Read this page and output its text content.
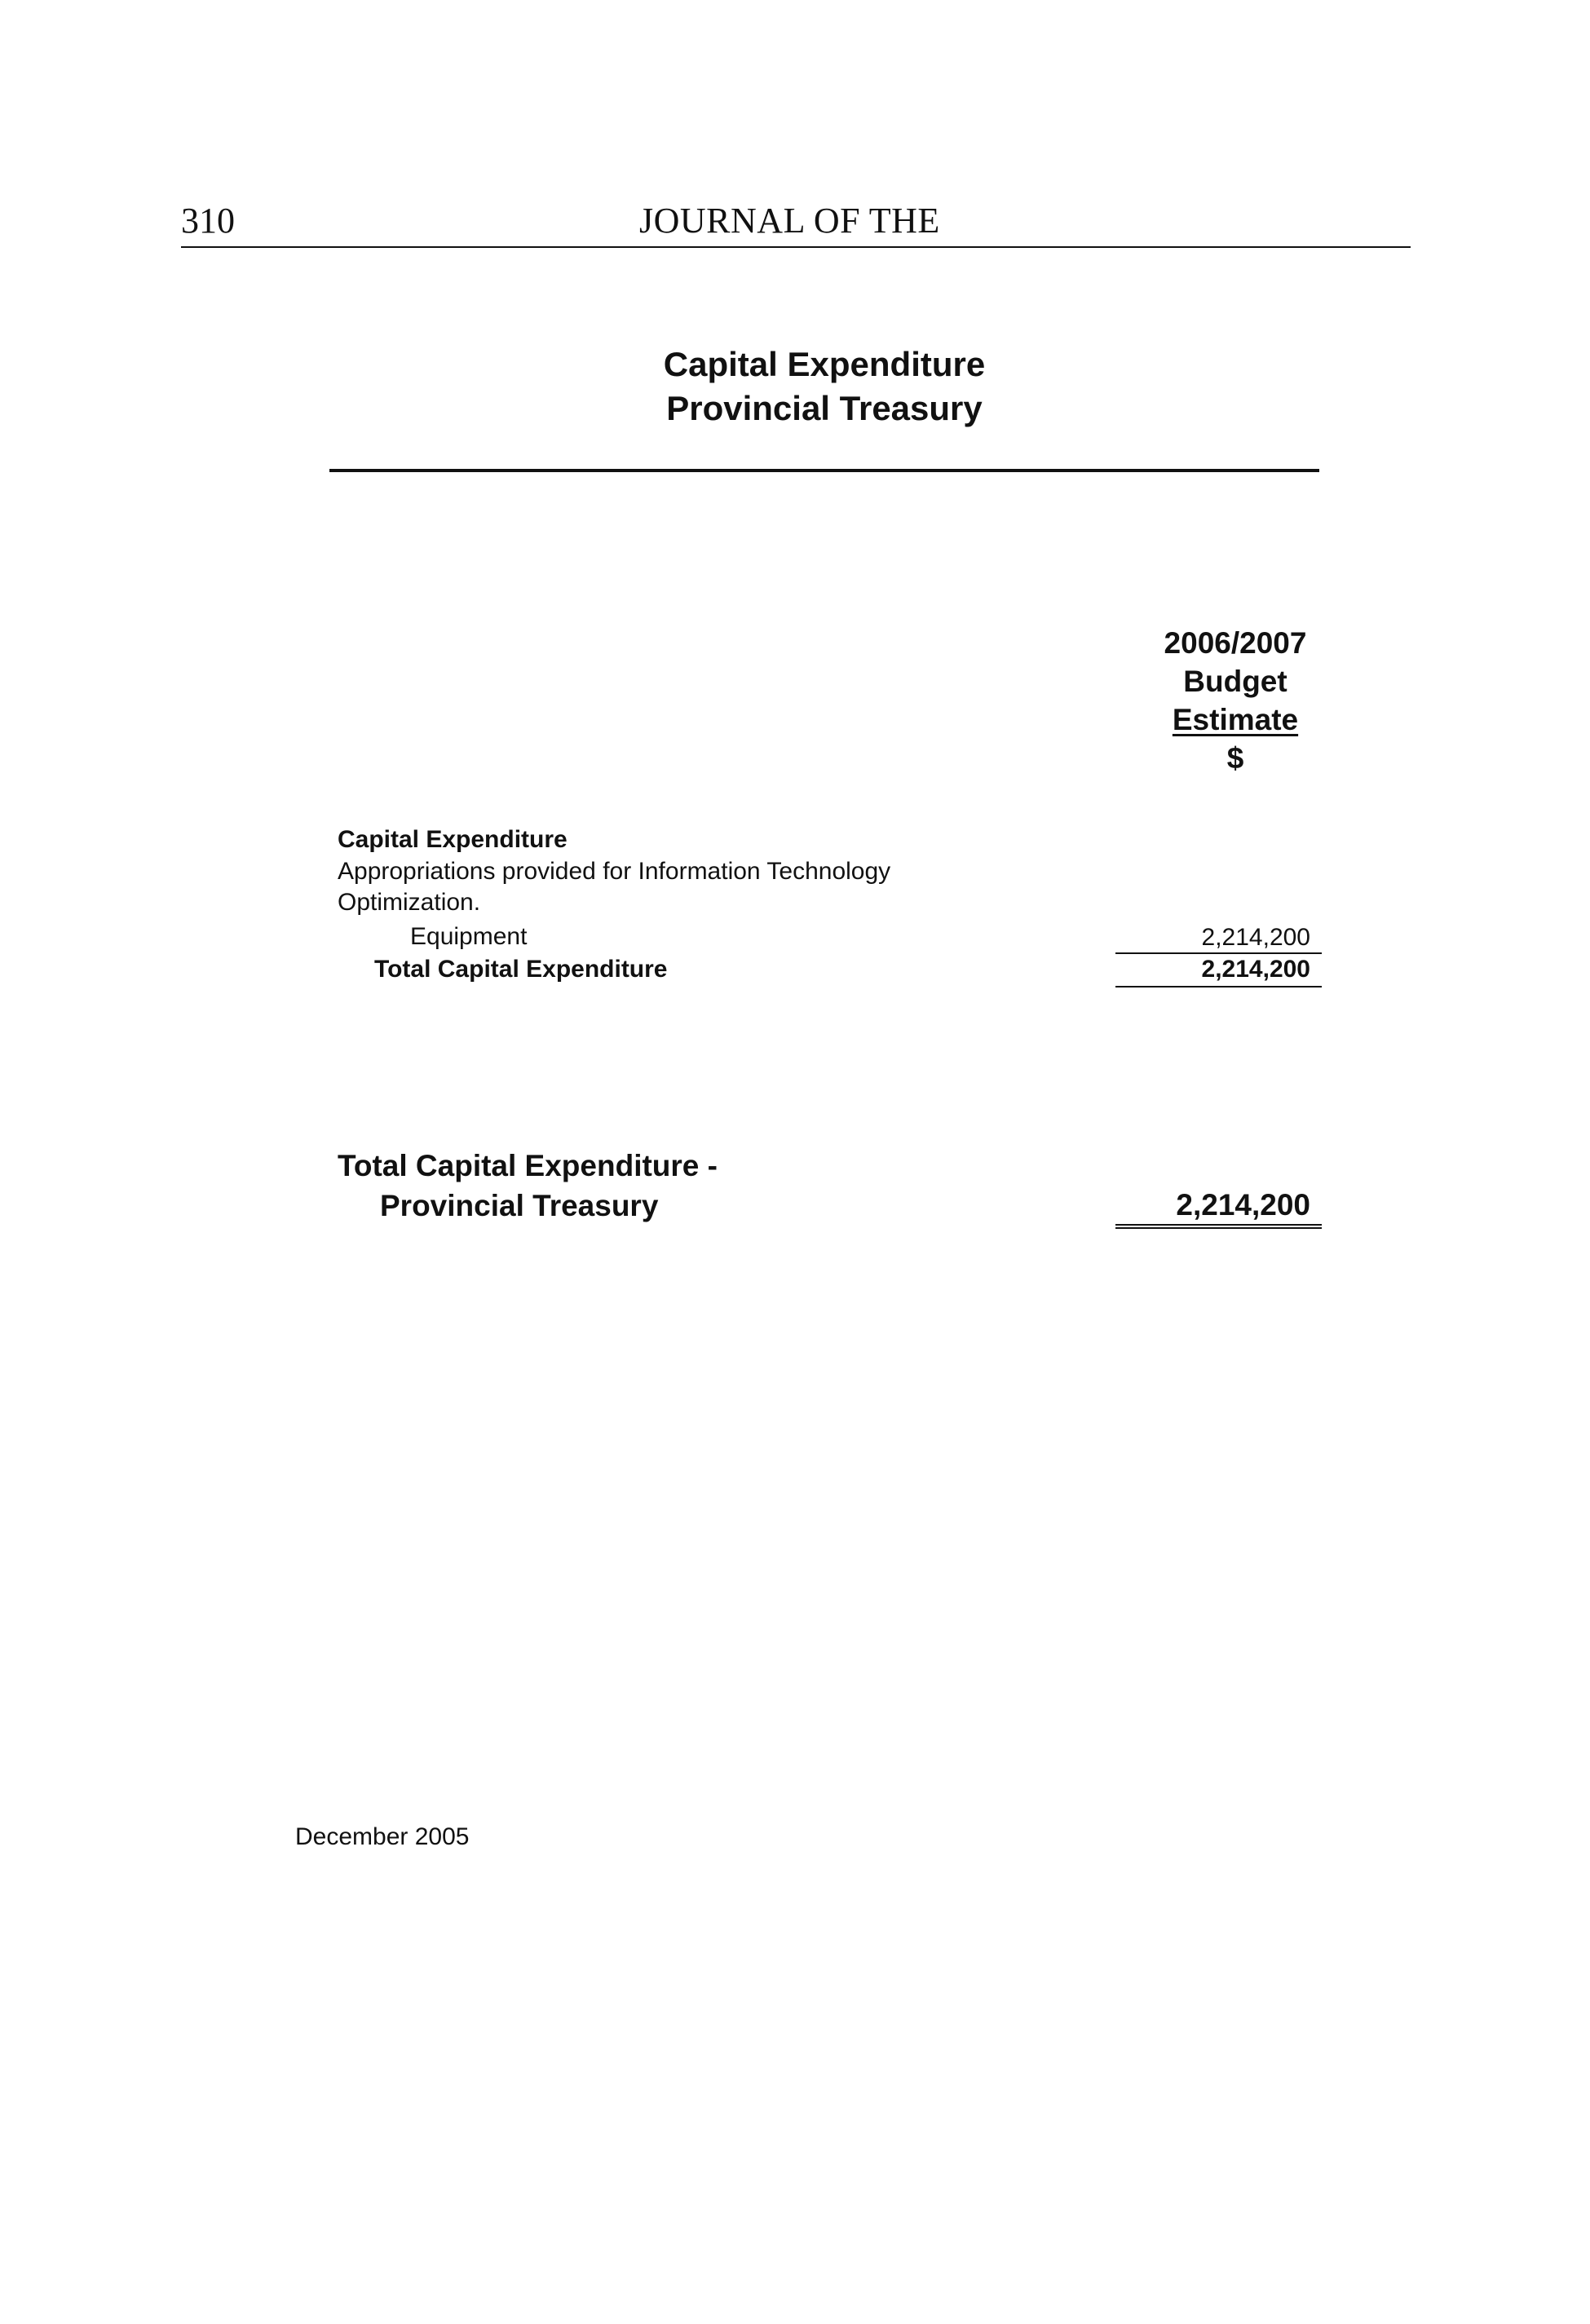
310	JOURNAL OF THE
Capital Expenditure
Provincial Treasury
2006/2007
Budget
Estimate
$
Capital Expenditure
Appropriations provided for Information Technology Optimization.
Equipment	2,214,200
Total Capital Expenditure	2,214,200
Total Capital Expenditure -
Provincial Treasury	2,214,200
December 2005
